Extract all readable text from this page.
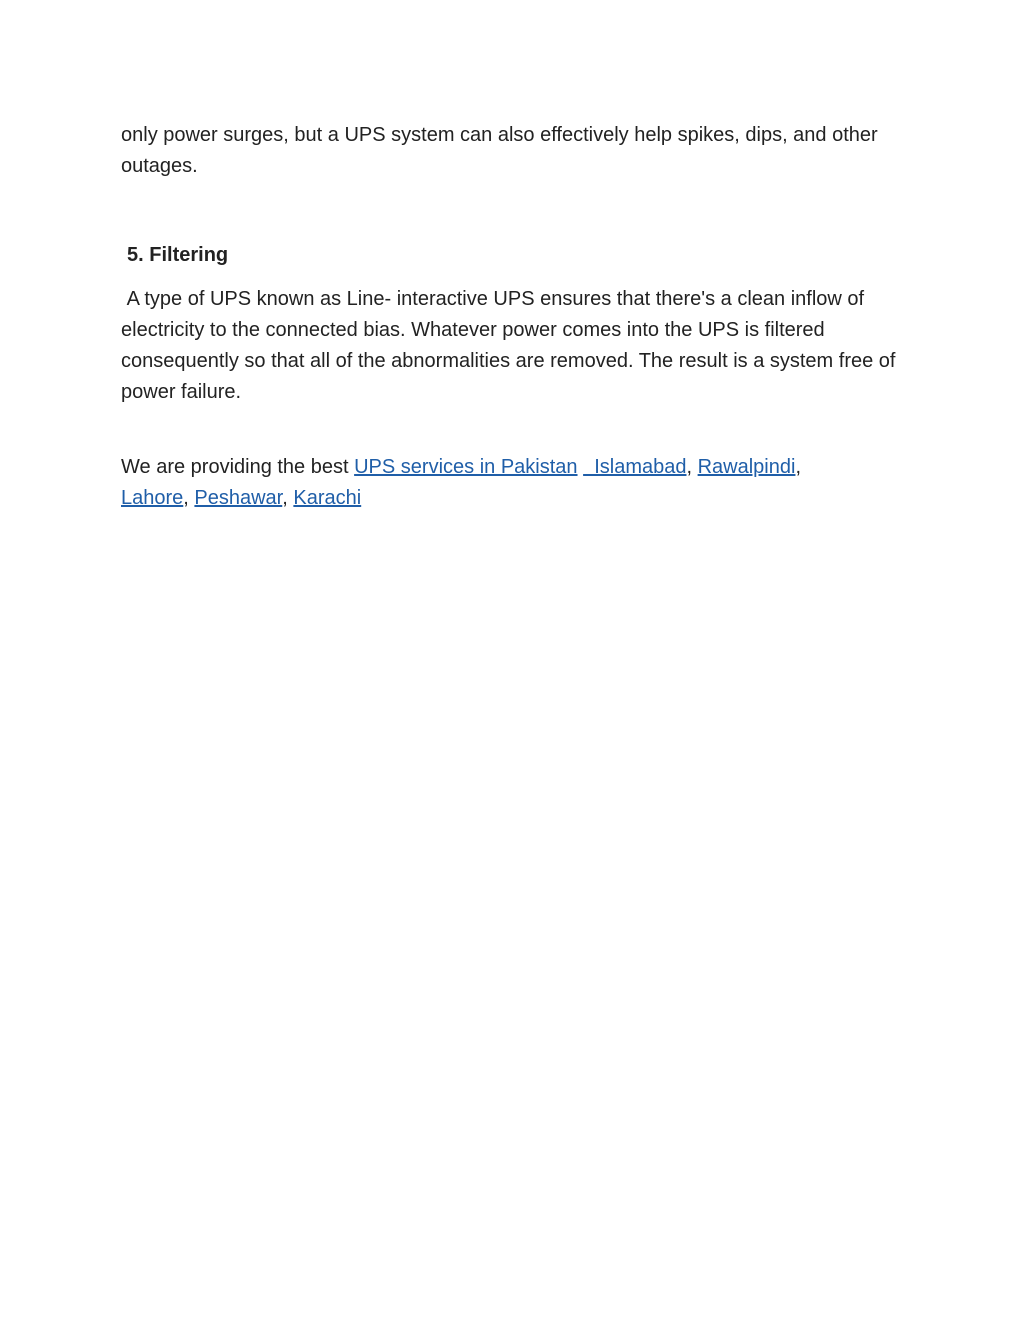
only power surges, but a UPS system can also effectively help spikes, dips, and other outages.

5. Filtering

A type of UPS known as Line- interactive UPS ensures that there's a clean inflow of electricity to the connected bias. Whatever power comes into the UPS is filtered consequently so that all of the abnormalities are removed. The result is a system free of power failure.

We are providing the best UPS services in Pakistan   Islamabad, Rawalpindi,
Lahore, Peshawar, Karachi
